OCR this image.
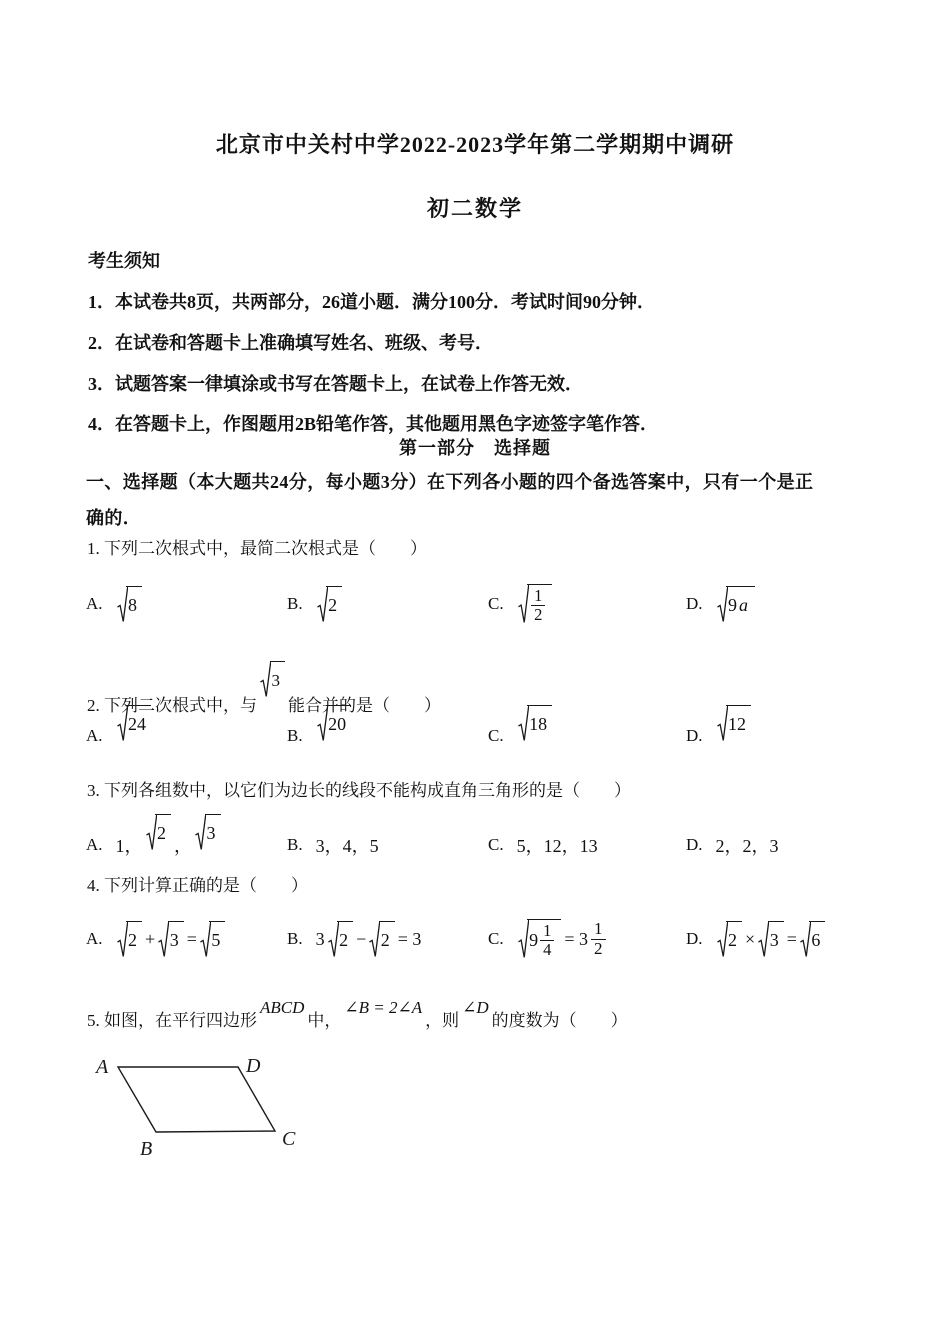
北京市中关村中学2022-2023学年第二学期期中调研
初二数学
考生须知
1．本试卷共8页，共两部分，26道小题．满分100分．考试时间90分钟．
2．在试卷和答题卡上准确填写姓名、班级、考号．
3．试题答案一律填涂或书写在答题卡上，在试卷上作答无效．
4．在答题卡上，作图题用2B铅笔作答，其他题用黑色字迹签字笔作答．
第一部分　选择题
一、选择题（本大题共24分，每小题3分）在下列各小题的四个备选答案中，只有一个是正
确的．
1. 下列二次根式中，最简二次根式是（　　）
A. 8	B. 2	C. $\frac{1}{2}$	D. 9 a
2. 下列二次根式中，与
3
能合并的是（　　）
A.
24
B.
20
C.
18
D.
12
3. 下列各组数中，以它们为边长的线段不能构成直角三角形的是（　　）
A. 1，
2
，
3
B. 3，4，5	C. 5，12，13	D. 2，2，3
4. 下列计算正确的是（　　）
A. 2 + 3 = 5	B. 3 2 − 2 = 3	C. $9 \frac{1}{4} = 3 \frac{1}{2}$	D. 2 × 3 = 6
5. 如图，在平行四边形ABCD中，∠B = 2∠A，则∠D的度数为（　　）
A	D
B	C
